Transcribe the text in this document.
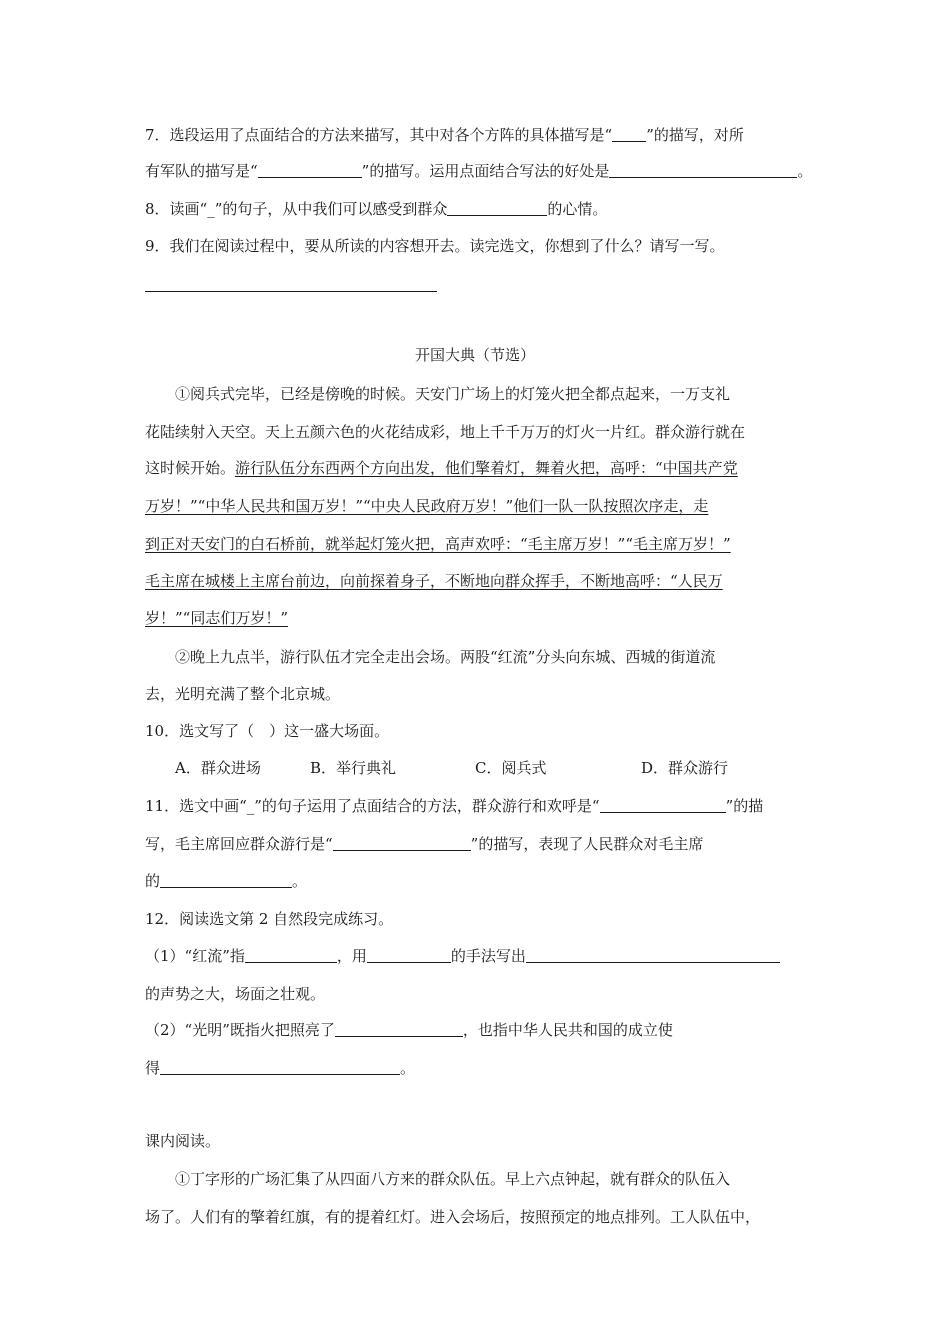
7．选段运用了点面结合的方法来描写，其中对各个方阵的具体描写是“ ”的描写，对所
有军队的描写是“	”的描写。运用点面结合写法的好处是	。
8．读画“_”的句子，从中我们可以感受到群众	的心情。
9．我们在阅读过程中，要从所读的内容想开去。读完选文，你想到了什么？请写一写。
开国大典（节选）
①阅兵式完毕，已经是傍晚的时候。天安门广场上的灯笼火把全都点起来，一万支礼
花陆续射入天空。天上五颜六色的火花结成彩，地上千千万万的灯火一片红。群众游行就在
这时候开始。游行队伍分东西两个方向出发，他们擎着灯，舞着火把，高呼：“中国共产党
万岁！”“中华人民共和国万岁！”“中央人民政府万岁！”他们一队一队按照次序走，走
到正对天安门的白石桥前，就举起灯笼火把，高声欢呼：“毛主席万岁！”“毛主席万岁！”
毛主席在城楼上主席台前边，向前探着身子，不断地向群众挥手，不断地高呼：“人民万
岁！”“同志们万岁！”
②晚上九点半，游行队伍才完全走出会场。两股“红流”分头向东城、西城的街道流
去，光明充满了整个北京城。
10．选文写了（　）这一盛大场面。
A．群众进场	B．举行典礼	C．阅兵式	D．群众游行
11．选文中画“_”的句子运用了点面结合的方法，群众游行和欢呼是“	”的描
写，毛主席回应群众游行是“	”的描写，表现了人民群众对毛主席
的	。
12．阅读选文第 2 自然段完成练习。
（1）“红流”指	，用	的手法写出
的声势之大，场面之壮观。
（2）“光明”既指火把照亮了	，也指中华人民共和国的成立使
得	。
课内阅读。
①丁字形的广场汇集了从四面八方来的群众队伍。早上六点钟起，就有群众的队伍入
场了。人们有的擎着红旗，有的提着红灯。进入会场后，按照预定的地点排列。工人队伍中，
